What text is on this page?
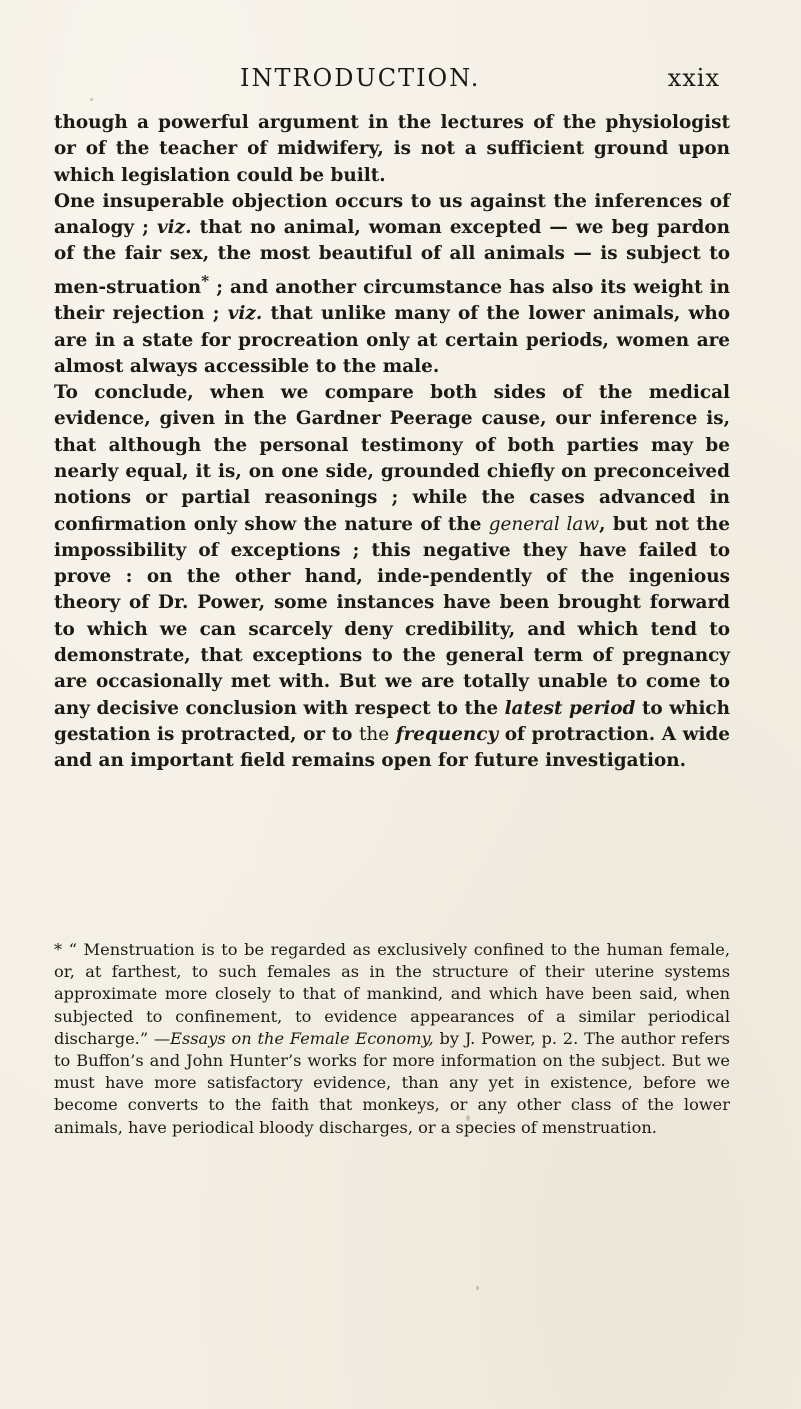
INTRODUCTION.	xxix

though a powerful argument in the lectures of the physiologist or of the teacher of midwifery, is not a sufficient ground upon which legislation could be built.

One insuperable objection occurs to us against the inferences of analogy ; viz. that no animal, woman excepted — we beg pardon of the fair sex, the most beautiful of all animals — is subject to men-struation* ; and another circumstance has also its weight in their rejection ; viz. that unlike many of the lower animals, who are in a state for procreation only at certain periods, women are almost always accessible to the male.

To conclude, when we compare both sides of the medical evidence, given in the Gardner Peerage cause, our inference is, that although the personal testimony of both parties may be nearly equal, it is, on one side, grounded chiefly on preconceived notions or partial reasonings ; while the cases advanced in confirmation only show the nature of the general law, but not the impossibility of exceptions ; this negative they have failed to prove : on the other hand, inde-pendently of the ingenious theory of Dr. Power, some instances have been brought forward to which we can scarcely deny credibility, and which tend to demonstrate, that exceptions to the general term of pregnancy are occasionally met with. But we are totally unable to come to any decisive conclusion with respect to the latest period to which gestation is protracted, or to the frequency of protraction. A wide and an important field remains open for future investigation.

* “ Menstruation is to be regarded as exclusively confined to the human female, or, at farthest, to such females as in the structure of their uterine systems approximate more closely to that of mankind, and which have been said, when subjected to confinement, to evidence appearances of a similar periodical discharge.” —Essays on the Female Economy, by J. Power, p. 2. The author refers to Buffon’s and John Hunter’s works for more information on the subject. But we must have more satisfactory evidence, than any yet in existence, before we become converts to the faith that monkeys, or any other class of the lower animals, have periodical bloody discharges, or a species of menstruation.
